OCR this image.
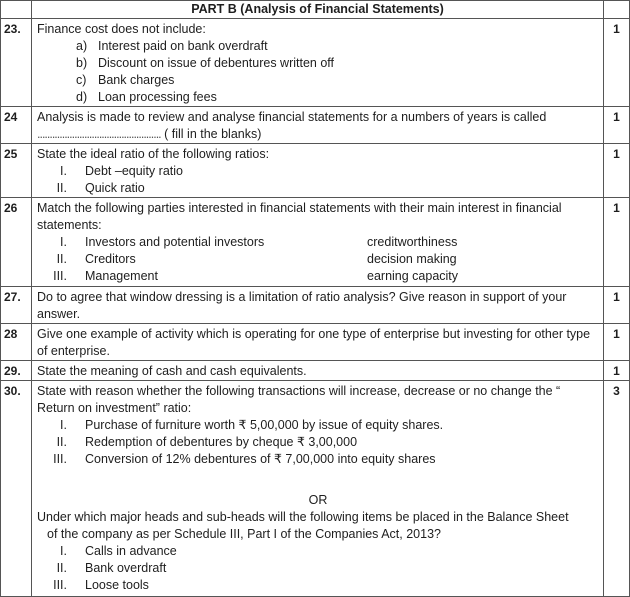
	PART B (Analysis of Financial Statements)	
23.	Finance cost does not include:
a) Interest paid on bank overdraft
b) Discount on issue of debentures written off
c) Bank charges
d) Loan processing fees
	1
24	Analysis is made to review and analyse financial statements for a numbers of years is called
.................................................. ( fill in the blanks)	1
25	State the ideal ratio of the following ratios:
I. Debt –equity ratio
II. Quick ratio	1
26	Match the following parties interested in financial statements with their main interest in financial statements:
I. Investors and potential investors	creditworthiness
II. Creditors	decision making
III. Management	earning capacity
	1
27.	Do to agree that window dressing is a limitation of ratio analysis? Give reason in support of your answer.	1
28	Give one example of activity which is operating for one type of enterprise but investing for other type of enterprise.	1
29.	State the meaning of cash and cash equivalents.	1
30.	State with reason whether the following transactions will increase, decrease or no change the “ Return on investment” ratio:
I. Purchase of furniture worth ₹ 5,00,000 by issue of equity shares.
II. Redemption of debentures by cheque ₹ 3,00,000
III. Conversion of 12% debentures of ₹ 7,00,000 into equity shares
OR
Under which major heads and sub-heads will the following items be placed in the Balance Sheet
of the company as per Schedule III, Part I of the Companies Act, 2013?
I. Calls in advance
II. Bank overdraft
III. Loose tools
	3
